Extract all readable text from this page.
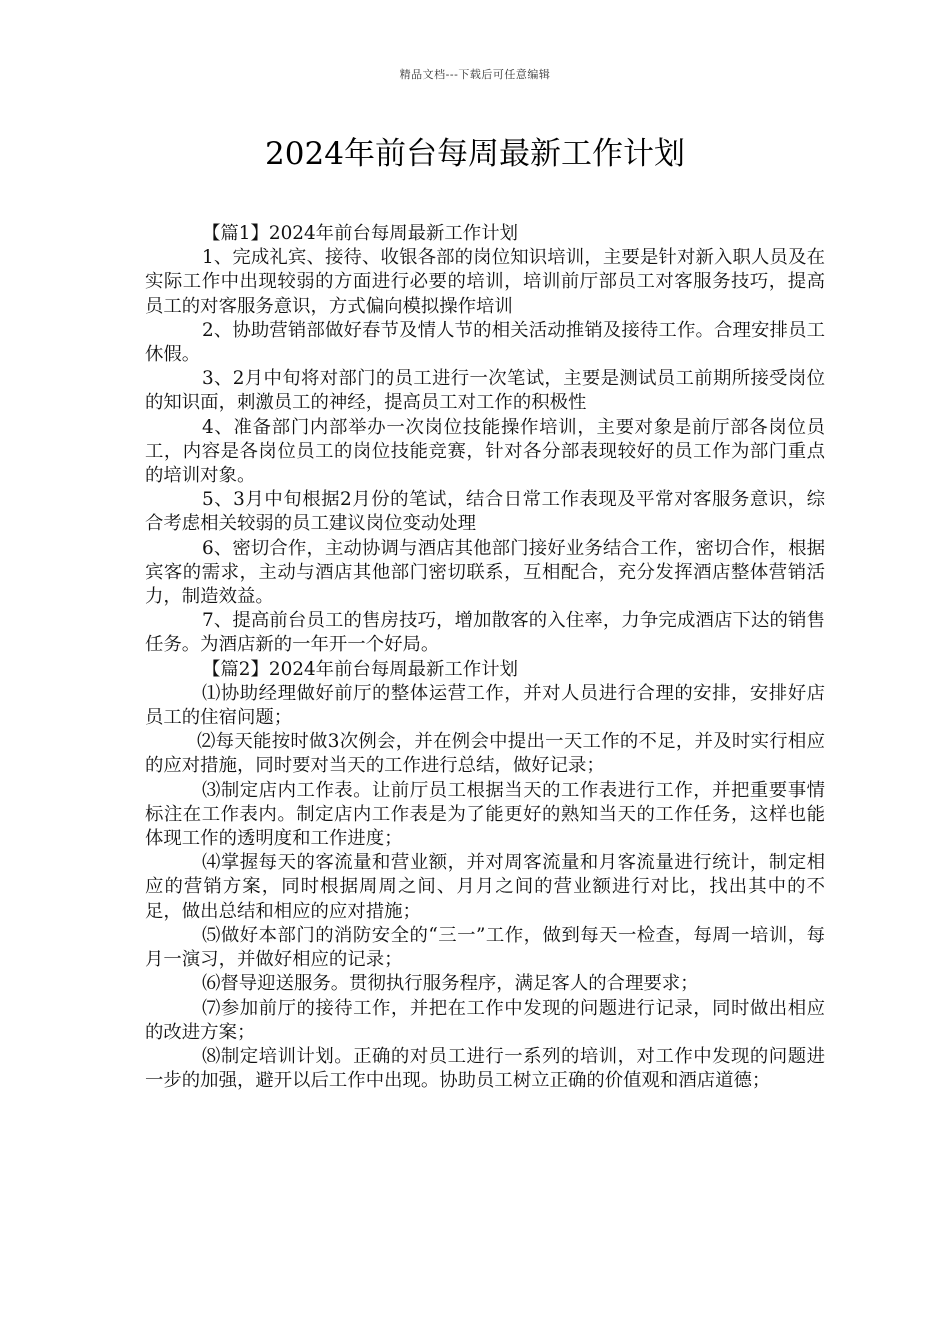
精品文档---下载后可任意编辑
2024年前台每周最新工作计划

【篇1】2024年前台每周最新工作计划

1、完成礼宾、接待、收银各部的岗位知识培训，主要是针对新入职人员及在实际工作中出现较弱的方面进行必要的培训，培训前厅部员工对客服务技巧，提高员工的对客服务意识，方式偏向模拟操作培训

2、协助营销部做好春节及情人节的相关活动推销及接待工作。合理安排员工休假。

3、2月中旬将对部门的员工进行一次笔试，主要是测试员工前期所接受岗位的知识面，刺激员工的神经，提高员工对工作的积极性

4、准备部门内部举办一次岗位技能操作培训，主要对象是前厅部各岗位员工，内容是各岗位员工的岗位技能竞赛，针对各分部表现较好的员工作为部门重点的培训对象。

5、3月中旬根据2月份的笔试，结合日常工作表现及平常对客服务意识，综合考虑相关较弱的员工建议岗位变动处理

6、密切合作，主动协调与酒店其他部门接好业务结合工作，密切合作，根据宾客的需求，主动与酒店其他部门密切联系，互相配合，充分发挥酒店整体营销活力，制造效益。

7、提高前台员工的售房技巧，增加散客的入住率，力争完成酒店下达的销售任务。为酒店新的一年开一个好局。

【篇2】2024年前台每周最新工作计划

⑴协助经理做好前厅的整体运营工作，并对人员进行合理的安排，安排好店员工的住宿问题；

⑵每天能按时做3次例会，并在例会中提出一天工作的不足，并及时实行相应的应对措施，同时要对当天的工作进行总结，做好记录；

⑶制定店内工作表。让前厅员工根据当天的工作表进行工作，并把重要事情标注在工作表内。制定店内工作表是为了能更好的熟知当天的工作任务，这样也能体现工作的透明度和工作进度；

⑷掌握每天的客流量和营业额，并对周客流量和月客流量进行统计，制定相应的营销方案，同时根据周周之间、月月之间的营业额进行对比，找出其中的不足，做出总结和相应的应对措施；

⑸做好本部门的消防安全的“三一”工作，做到每天一检查，每周一培训，每月一演习，并做好相应的记录；

⑹督导迎送服务。贯彻执行服务程序，满足客人的合理要求；

⑺参加前厅的接待工作，并把在工作中发现的问题进行记录，同时做出相应的改进方案；

⑻制定培训计划。正确的对员工进行一系列的培训，对工作中发现的问题进一步的加强，避开以后工作中出现。协助员工树立正确的价值观和酒店道德；
